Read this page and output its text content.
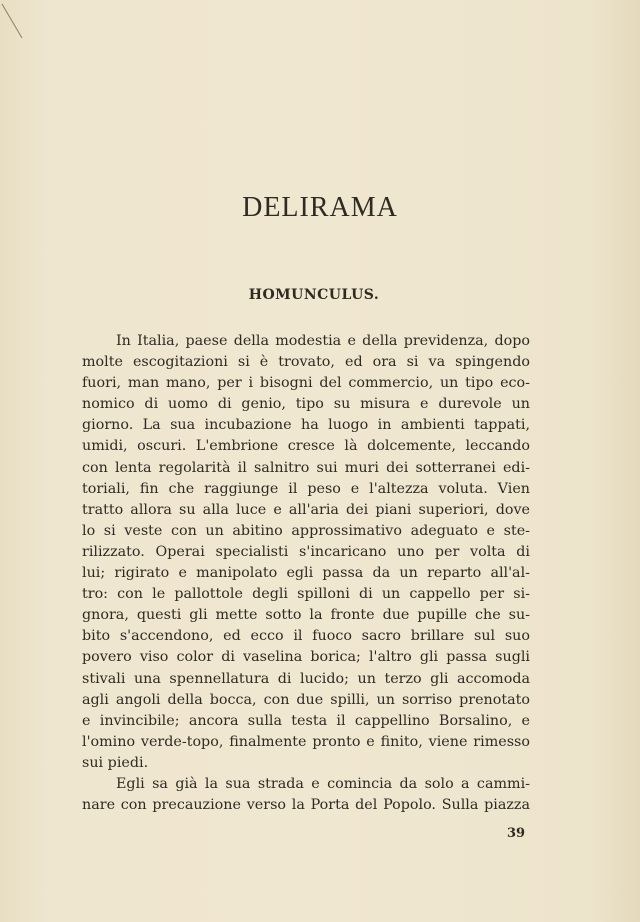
DELIRAMA
HOMUNCULUS.
In Italia, paese della modestia e della previdenza, dopo
molte escogitazioni si è trovato, ed ora si va spingendo
fuori, man mano, per i bisogni del commercio, un tipo eco-
nomico di uomo di genio, tipo su misura e durevole un
giorno. La sua incubazione ha luogo in ambienti tappati,
umidi, oscuri. L'embrione cresce là dolcemente, leccando
con lenta regolarità il salnitro sui muri dei sotterranei edi-
toriali, fin che raggiunge il peso e l'altezza voluta. Vien
tratto allora su alla luce e all'aria dei piani superiori, dove
lo si veste con un abitino approssimativo adeguato e ste-
rilizzato. Operai specialisti s'incaricano uno per volta di
lui; rigirato e manipolato egli passa da un reparto all'al-
tro: con le pallottole degli spilloni di un cappello per si-
gnora, questi gli mette sotto la fronte due pupille che su-
bito s'accendono, ed ecco il fuoco sacro brillare sul suo
povero viso color di vaselina borica; l'altro gli passa sugli
stivali una spennellatura di lucido; un terzo gli accomoda
agli angoli della bocca, con due spilli, un sorriso prenotato
e invincibile; ancora sulla testa il cappellino Borsalino, e
l'omino verde-topo, finalmente pronto e finito, viene rimesso
sui piedi.
Egli sa già la sua strada e comincia da solo a cammi-
nare con precauzione verso la Porta del Popolo. Sulla piazza
39
